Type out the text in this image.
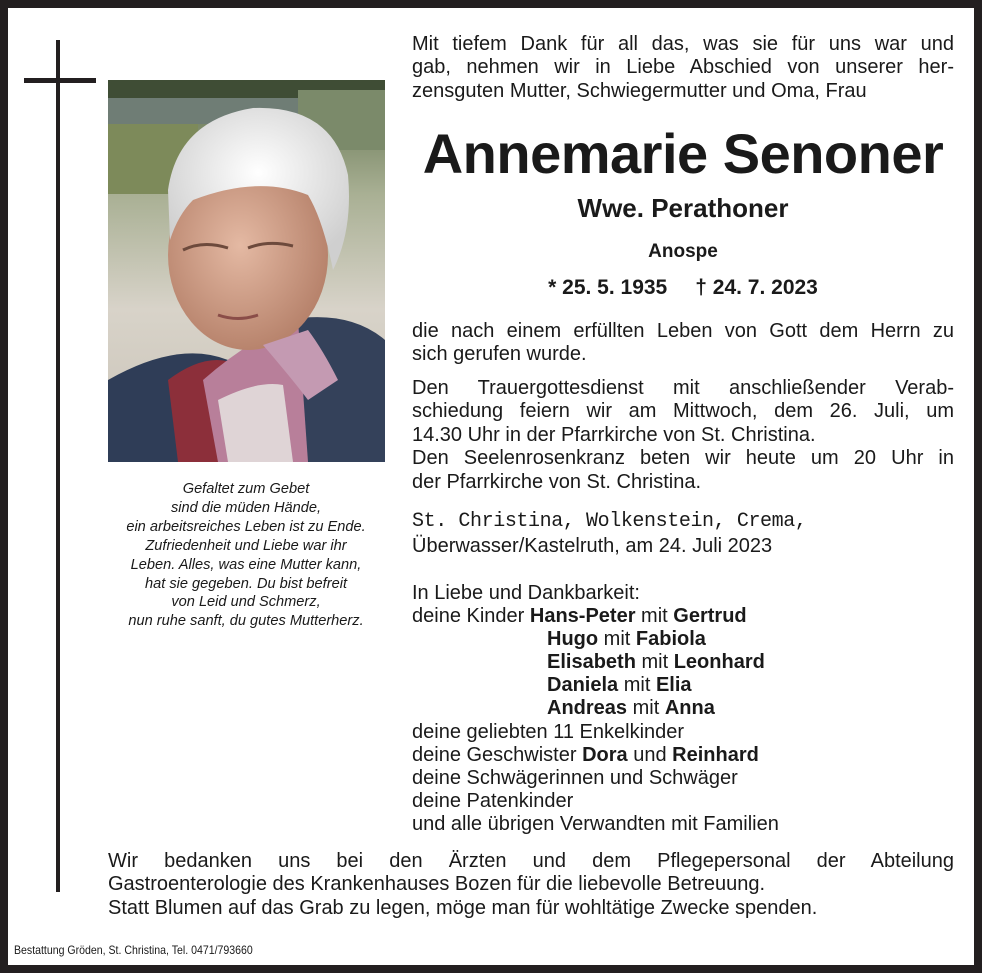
Gefaltet zum Gebet
sind die müden Hände,
ein arbeitsreiches Leben ist zu Ende.
Zufriedenheit und Liebe war ihr
Leben. Alles, was eine Mutter kann,
hat sie gegeben. Du bist befreit
von Leid und Schmerz,
nun ruhe sanft, du gutes Mutterherz.
Mit tiefem Dank für all das, was sie für uns war und
gab, nehmen wir in Liebe Abschied von unserer her-
zensguten Mutter, Schwiegermutter und Oma, Frau
Annemarie Senoner
Wwe. Perathoner
Anospe
* 25. 5. 1935 † 24. 7. 2023
die nach einem erfüllten Leben von Gott dem Herrn zu
sich gerufen wurde.
Den Trauergottesdienst mit anschließender Verab-
schiedung feiern wir am Mittwoch, dem 26. Juli, um
14.30 Uhr in der Pfarrkirche von St. Christina.
Den Seelenrosenkranz beten wir heute um 20 Uhr in
der Pfarrkirche von St. Christina.
St. Christina, Wolkenstein, Crema,
Überwasser/Kastelruth, am 24. Juli 2023
In Liebe und Dankbarkeit:
deine Kinder Hans-Peter mit Gertrud
Hugo mit Fabiola
Elisabeth mit Leonhard
Daniela mit Elia
Andreas mit Anna
deine geliebten 11 Enkelkinder
deine Geschwister Dora und Reinhard
deine Schwägerinnen und Schwäger
deine Patenkinder
und alle übrigen Verwandten mit Familien
Wir bedanken uns bei den Ärzten und dem Pflegepersonal der Abteilung
Gastroenterologie des Krankenhauses Bozen für die liebevolle Betreuung.
Statt Blumen auf das Grab zu legen, möge man für wohltätige Zwecke spenden.
Bestattung Gröden, St. Christina, Tel. 0471/793660
